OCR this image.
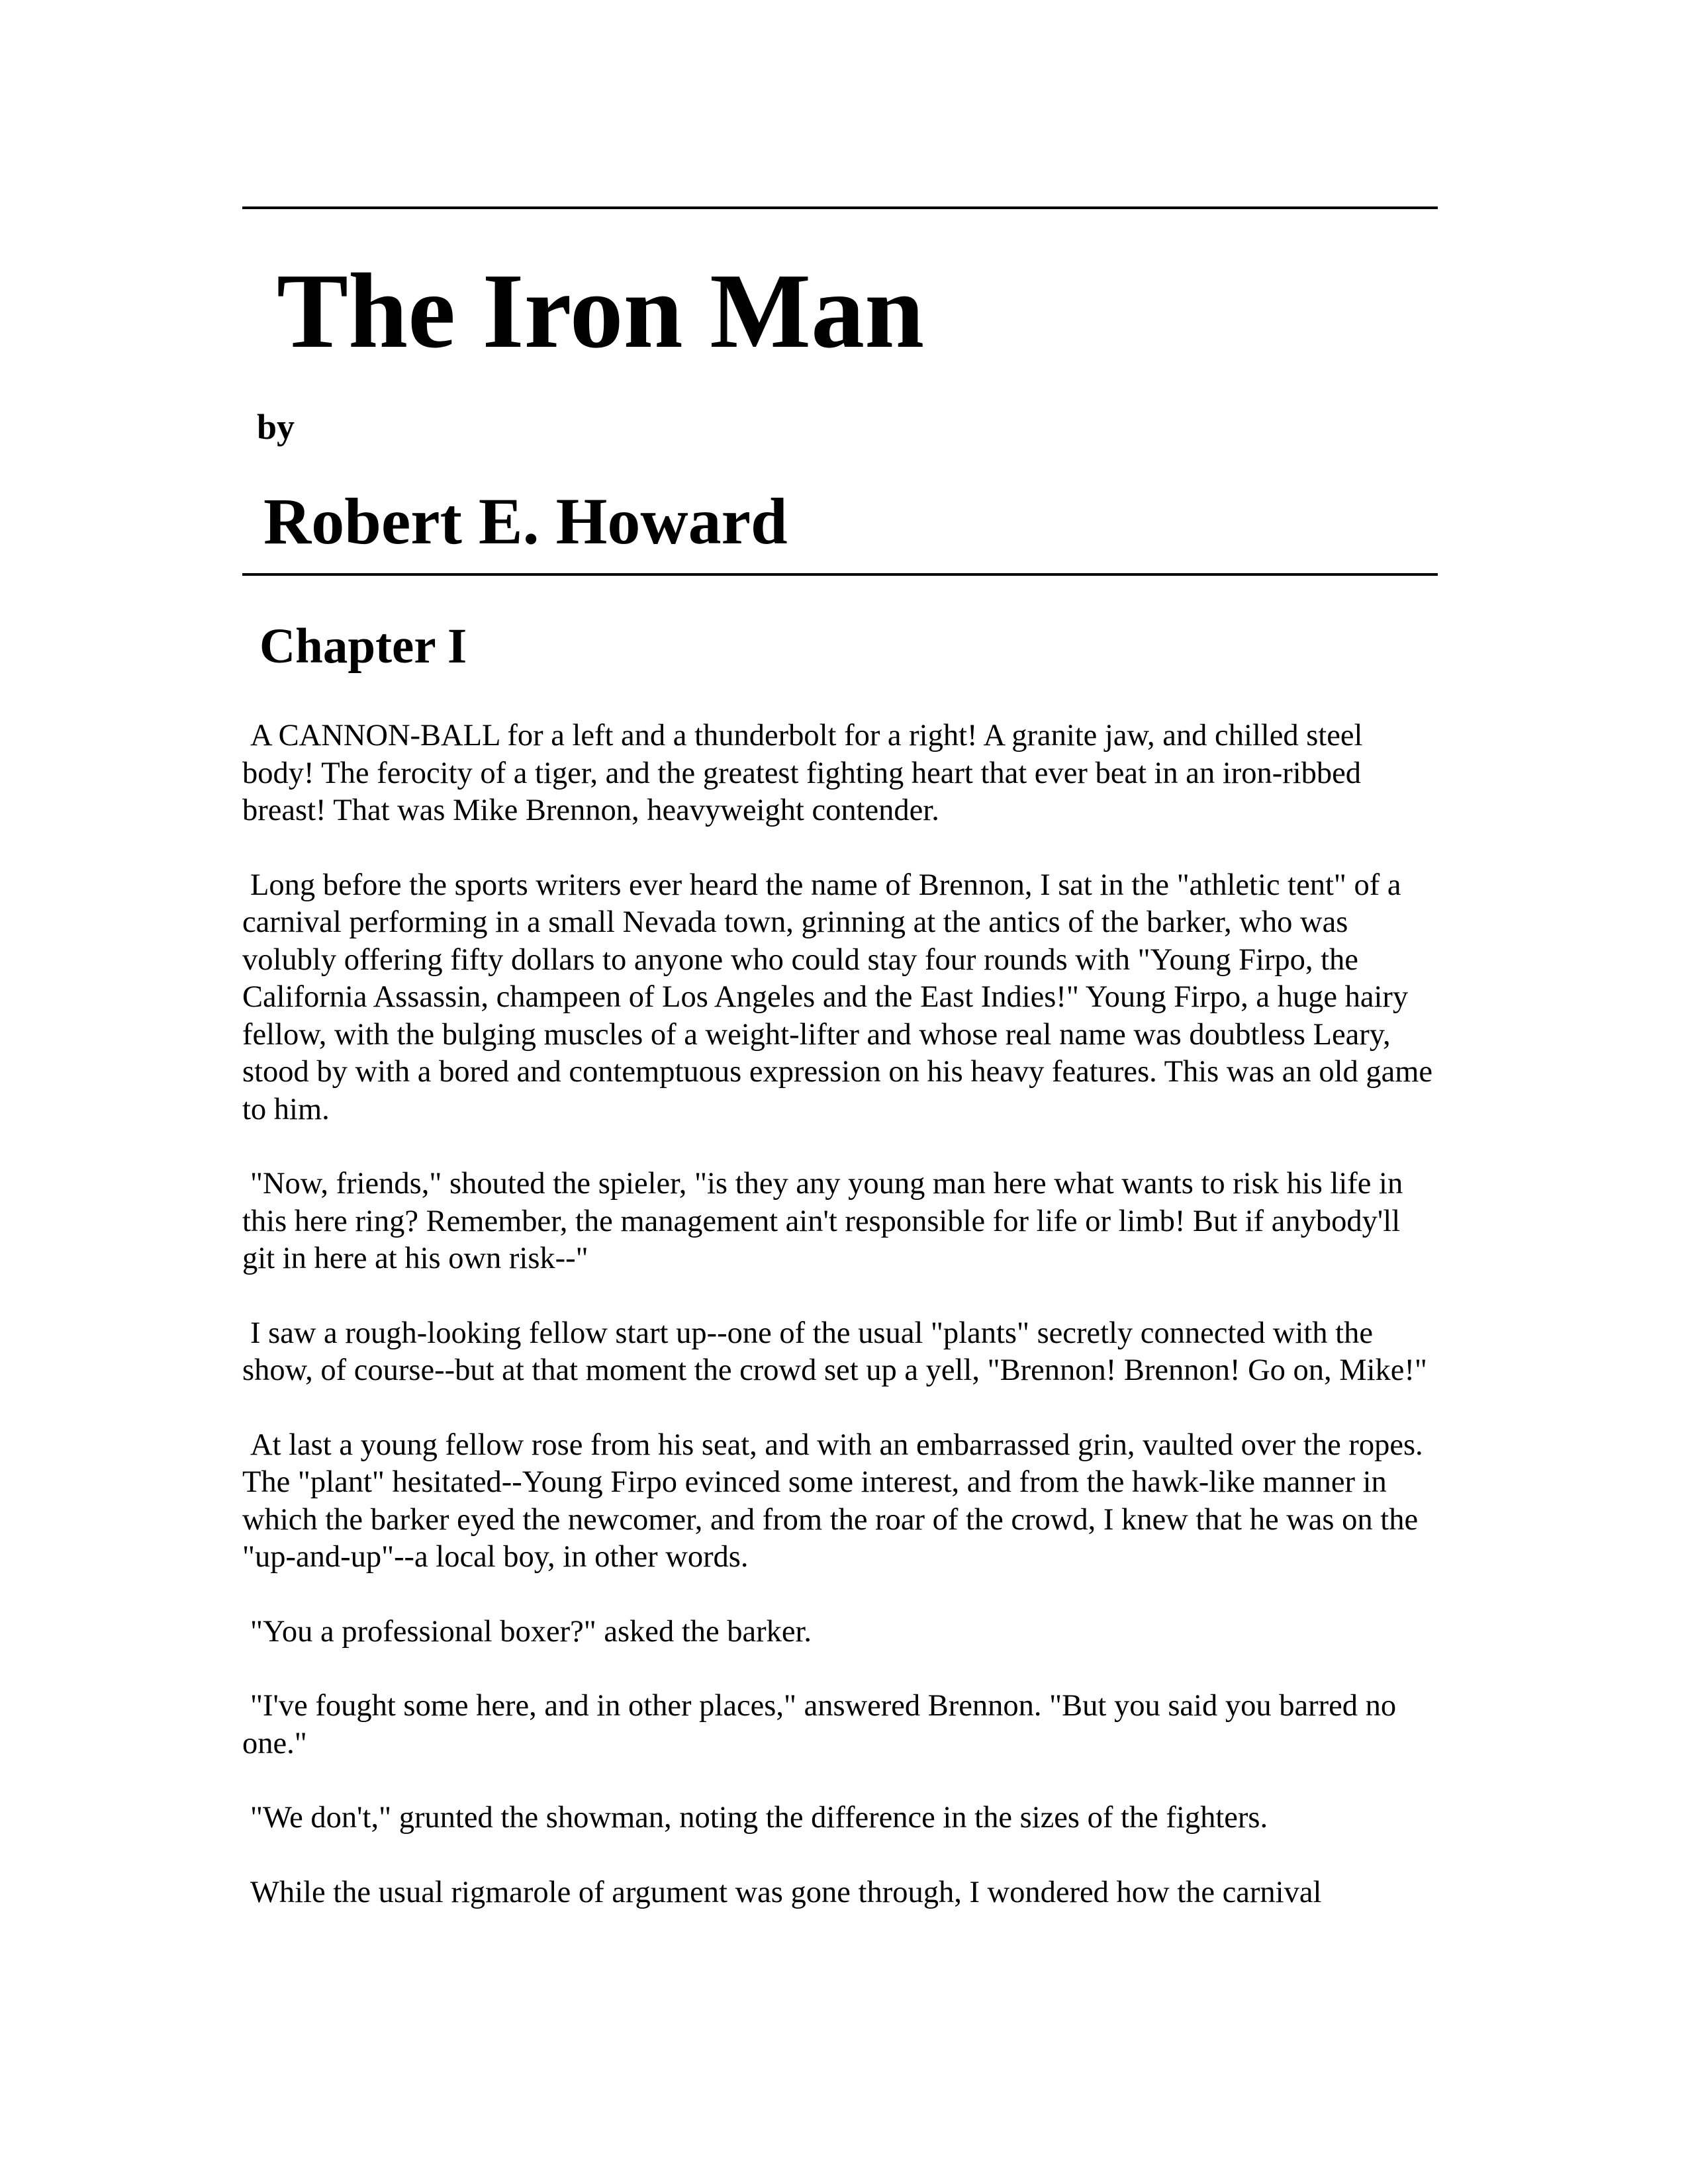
The Iron Man
by
Robert E. Howard
Chapter I

A CANNON-BALL for a left and a thunderbolt for a right! A granite jaw, and chilled steel body! The ferocity of a tiger, and the greatest fighting heart that ever beat in an iron-ribbed breast! That was Mike Brennon, heavyweight contender.

Long before the sports writers ever heard the name of Brennon, I sat in the "athletic tent" of a carnival performing in a small Nevada town, grinning at the antics of the barker, who was volubly offering fifty dollars to anyone who could stay four rounds with "Young Firpo, the California Assassin, champeen of Los Angeles and the East Indies!" Young Firpo, a huge hairy fellow, with the bulging muscles of a weight-lifter and whose real name was doubtless Leary, stood by with a bored and contemptuous expression on his heavy features. This was an old game to him.

"Now, friends," shouted the spieler, "is they any young man here what wants to risk his life in this here ring? Remember, the management ain't responsible for life or limb! But if anybody'll git in here at his own risk--"

I saw a rough-looking fellow start up--one of the usual "plants" secretly connected with the show, of course--but at that moment the crowd set up a yell, "Brennon! Brennon! Go on, Mike!"

At last a young fellow rose from his seat, and with an embarrassed grin, vaulted over the ropes. The "plant" hesitated--Young Firpo evinced some interest, and from the hawk-like manner in which the barker eyed the newcomer, and from the roar of the crowd, I knew that he was on the "up-and-up"--a local boy, in other words.

"You a professional boxer?" asked the barker.

"I've fought some here, and in other places," answered Brennon. "But you said you barred no one."

"We don't," grunted the showman, noting the difference in the sizes of the fighters.

While the usual rigmarole of argument was gone through, I wondered how the carnival
